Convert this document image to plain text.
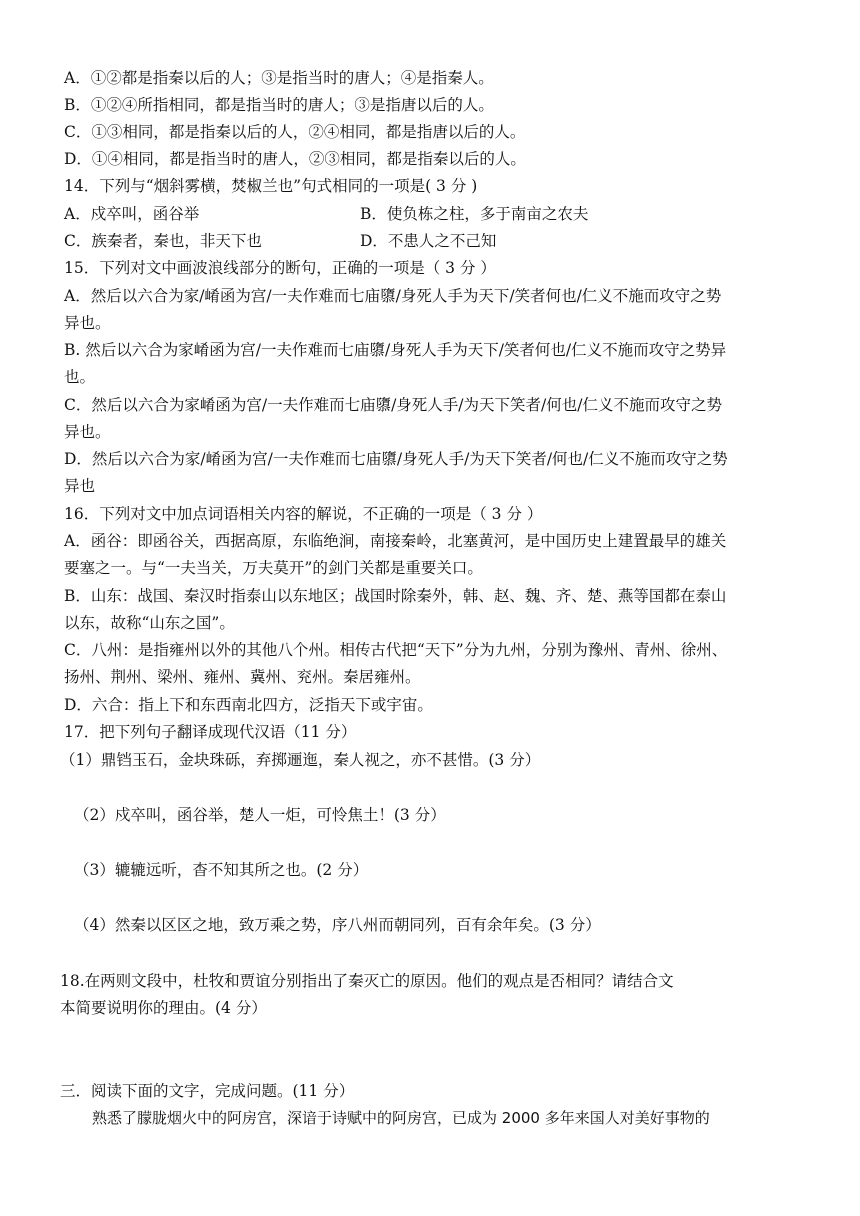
A．①②都是指秦以后的人；③是指当时的唐人；④是指秦人。
B．①②④所指相同，都是指当时的唐人；③是指唐以后的人。
C．①③相同，都是指秦以后的人，②④相同，都是指唐以后的人。
D．①④相同，都是指当时的唐人，②③相同，都是指秦以后的人。
14．下列与“烟斜雾横，焚椒兰也”句式相同的一项是( 3 分 )
A．戍卒叫，函谷举	B．使负栋之柱，多于南亩之农夫
C．族秦者，秦也，非天下也	D．不患人之不己知
15．下列对文中画波浪线部分的断句，正确的一项是（ 3 分 ）
A．然后以六合为家/崤函为宫/一夫作难而七庙隳/身死人手为天下/笑者何也/仁义不施而攻守之势
异也。
B. 然后以六合为家崤函为宫/一夫作难而七庙隳/身死人手为天下/笑者何也/仁义不施而攻守之势异
也。
C．然后以六合为家崤函为宫/一夫作难而七庙隳/身死人手/为天下笑者/何也/仁义不施而攻守之势
异也。
D．然后以六合为家/崤函为宫/一夫作难而七庙隳/身死人手/为天下笑者/何也/仁义不施而攻守之势
异也
16．下列对文中加点词语相关内容的解说，不正确的一项是（ 3 分 ）
A．函谷：即函谷关，西据高原，东临绝涧，南接秦岭，北塞黄河，是中国历史上建置最早的雄关
要塞之一。与“一夫当关，万夫莫开”的剑门关都是重要关口。
B．山东：战国、秦汉时指泰山以东地区；战国时除秦外，韩、赵、魏、齐、楚、燕等国都在泰山
以东，故称“山东之国”。
C．八州：是指雍州以外的其他八个州。相传古代把“天下”分为九州，分别为豫州、青州、徐州、
扬州、荆州、梁州、雍州、冀州、兖州。秦居雍州。
D．六合：指上下和东西南北四方，泛指天下或宇宙。
17．把下列句子翻译成现代汉语（11 分）
（1）鼎铛玉石，金块珠砾，弃掷逦迤，秦人视之，亦不甚惜。(3 分）
（2）戍卒叫，函谷举，楚人一炬，可怜焦土！(3 分）
（3）辘辘远听，杳不知其所之也。(2 分）
（4）然秦以区区之地，致万乘之势，序八州而朝同列，百有余年矣。(3 分）
18.在两则文段中，杜牧和贾谊分别指出了秦灭亡的原因。他们的观点是否相同？请结合文
本简要说明你的理由。(4 分）
三．阅读下面的文字，完成问题。(11 分）
熟悉了朦胧烟火中的阿房宫，深谙于诗赋中的阿房宫，已成为 2000 多年来国人对美好事物的
